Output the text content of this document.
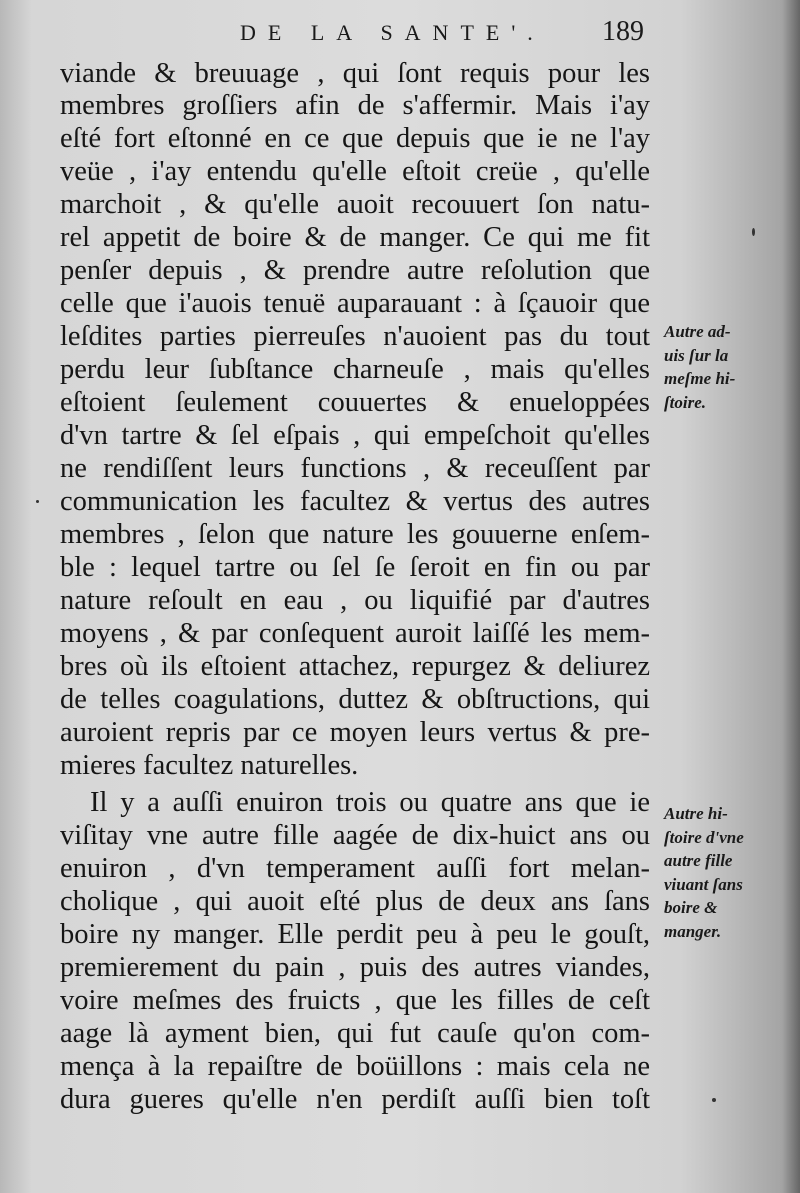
DE LA SANTE'. 189
viande & breuuage , qui ſont requis pour les
membres groſſiers afin de s'affermir. Mais i'ay
eſté fort eſtonné en ce que depuis que ie ne l'ay
veüe , i'ay entendu qu'elle eſtoit creüe , qu'elle
marchoit , & qu'elle auoit recouuert ſon natu-
rel appetit de boire & de manger. Ce qui me fit
penſer depuis , & prendre autre reſolution que
celle que i'auois tenuë auparauant : à ſçauoir que
leſdites parties pierreuſes n'auoient pas du tout
perdu leur ſubſtance charneuſe , mais qu'elles
eſtoient ſeulement couuertes & enueloppées
d'vn tartre & ſel eſpais , qui empeſchoit qu'elles
ne rendiſſent leurs functions , & receuſſent par
communication les facultez & vertus des autres
membres , ſelon que nature les gouuerne enſem-
ble : lequel tartre ou ſel ſe ſeroit en fin ou par
nature reſoult en eau , ou liquifié par d'autres
moyens , & par conſequent auroit laiſſé les mem-
bres où ils eſtoient attachez, repurgez & deliurez
de telles coagulations, duttez & obſtructions, qui
auroient repris par ce moyen leurs vertus & pre-
mieres facultez naturelles.
Il y a auſſi enuiron trois ou quatre ans que ie
viſitay vne autre fille aagée de dix-huict ans ou
enuiron , d'vn temperament auſſi fort melan-
cholique , qui auoit eſté plus de deux ans ſans
boire ny manger. Elle perdit peu à peu le gouſt,
premierement du pain , puis des autres viandes,
voire meſmes des fruicts , que les filles de ceſt
aage là ayment bien, qui fut cauſe qu'on com-
mença à la repaiſtre de boüillons : mais cela ne
dura gueres qu'elle n'en perdiſt auſſi bien toſt
Autre ad-
uis ſur la
meſme hi-
ſtoire.
Autre hi-
ſtoire d'vne
autre fille
viuant ſans
boire &
manger.
